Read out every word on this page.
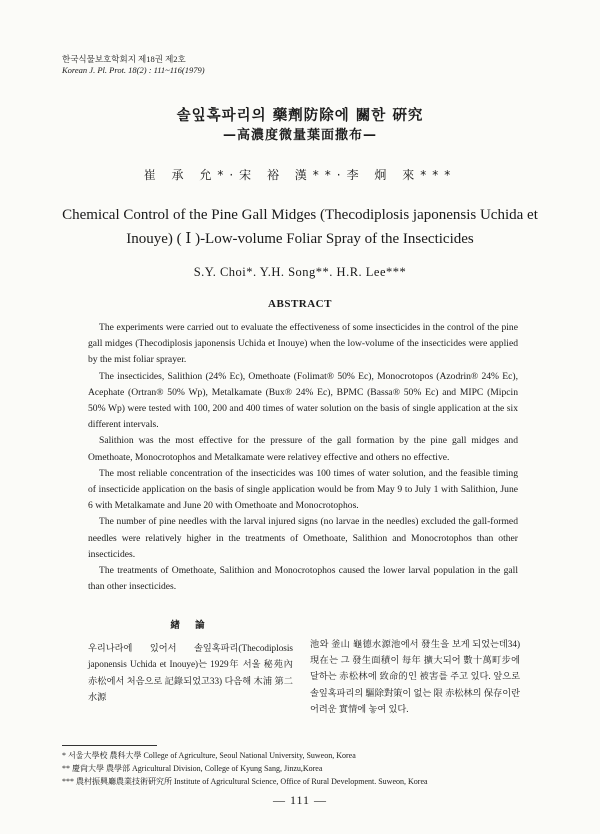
한국식물보호학회지 제18권 제2호
Korean J. Pl. Prot. 18(2) : 111~116(1979)
솔잎혹파리의 藥劑防除에 關한 硏究
—高濃度微量葉面撒布—
崔 承 允*·宋 裕 漢**·李 炯 來***
Chemical Control of the Pine Gall Midges (Thecodiplosis japonensis Uchida et Inouye) ( Ⅰ )-Low-volume Foliar Spray of the Insecticides
S.Y. Choi*. Y.H. Song**. H.R. Lee***
ABSTRACT

The experiments were carried out to evaluate the effectiveness of some insecticides in the control of the pine gall midges (Thecodiplosis japonensis Uchida et Inouye) when the low-volume of the insecticides were applied by the mist foliar sprayer.

The insecticides, Salithion (24% Ec), Omethoate (Folimat® 50% Ec), Monocrotopos (Azodrin® 24% Ec), Acephate (Ortran® 50% Wp), Metalkamate (Bux® 24% Ec), BPMC (Bassa® 50% Ec) and MIPC (Mipcin 50% Wp) were tested with 100, 200 and 400 times of water solution on the basis of single application at the six different intervals.

Salithion was the most effective for the pressure of the gall formation by the pine gall midges and Omethoate, Monocrotophos and Metalkamate were relativey effective and others no effective.

The most reliable concentration of the insecticides was 100 times of water solution, and the feasible timing of insecticide application on the basis of single application would be from May 9 to July 1 with Salithion, June 6 with Metalkamate and June 20 with Omethoate and Monocrotophos.

The number of pine needles with the larval injured signs (no larvae in the needles) excluded the gall-formed needles were relatively higher in the treatments of Omethoate, Salithion and Monocrotophos than other insecticides.

The treatments of Omethoate, Salithion and Monocrotophos caused the lower larval population in the gall than other insecticides.

緖 論

우리나라에 있어서 솔잎혹파리(Thecodiplosis japonensis Uchida et Inouye)는 1929年 서울 秘苑內 赤松에서 처음으로 記錄되었고33) 다음해 木浦 第二水源

池와 釜山 龜德水源池에서 發生을 보게 되었는데34) 現在는 그 發生面積이 每年 擴大되어 數十萬町步에 달하는 赤松林에 致命的인 被害를 주고 있다. 앞으로 솔잎혹파리의 驅除對策이 없는 限 赤松林의 保存이란 어려운 實情에 놓여 있다.

* 서울大學校 農科大學 College of Agriculture, Seoul National University, Suweon, Korea
** 慶尙大學 農學部 Agricultural Division, College of Kyung Sang, Jinzu,Korea
*** 農村振興廳農業技術硏究所 Institute of Agricultural Science, Office of Rural Development. Suweon, Korea
— 111 —
